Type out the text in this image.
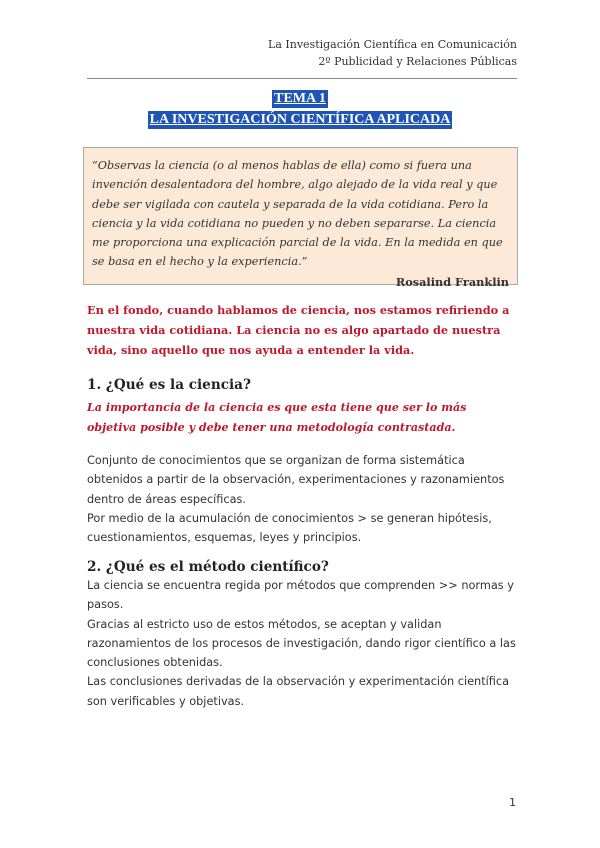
La Investigación Científica en Comunicación
2º Publicidad y Relaciones Públicas
TEMA 1
LA INVESTIGACIÓN CIENTÍFICA APLICADA
“Observas la ciencia (o al menos hablas de ella) como si fuera una invención desalentadora del hombre, algo alejado de la vida real y que debe ser vigilada con cautela y separada de la vida cotidiana. Pero la ciencia y la vida cotidiana no pueden y no deben separarse. La ciencia me proporciona una explicación parcial de la vida. En la medida en que se basa en el hecho y la experiencia.”
Rosalind Franklin
En el fondo, cuando hablamos de ciencia, nos estamos refiriendo a nuestra vida cotidiana. La ciencia no es algo apartado de nuestra vida, sino aquello que nos ayuda a entender la vida.
1. ¿Qué es la ciencia?
La importancia de la ciencia es que esta tiene que ser lo más objetiva posible y debe tener una metodología contrastada.
Conjunto de conocimientos que se organizan de forma sistemática
obtenidos a partir de la observación, experimentaciones y razonamientos
dentro de áreas específicas.
Por medio de la acumulación de conocimientos > se generan hipótesis,
cuestionamientos, esquemas, leyes y principios.
2. ¿Qué es el método científico?
La ciencia se encuentra regida por métodos que comprenden >> normas y
pasos.
Gracias al estricto uso de estos métodos, se aceptan y validan
razonamientos de los procesos de investigación, dando rigor científico a las
conclusiones obtenidas.
Las conclusiones derivadas de la observación y experimentación científica
son verificables y objetivas.
1
